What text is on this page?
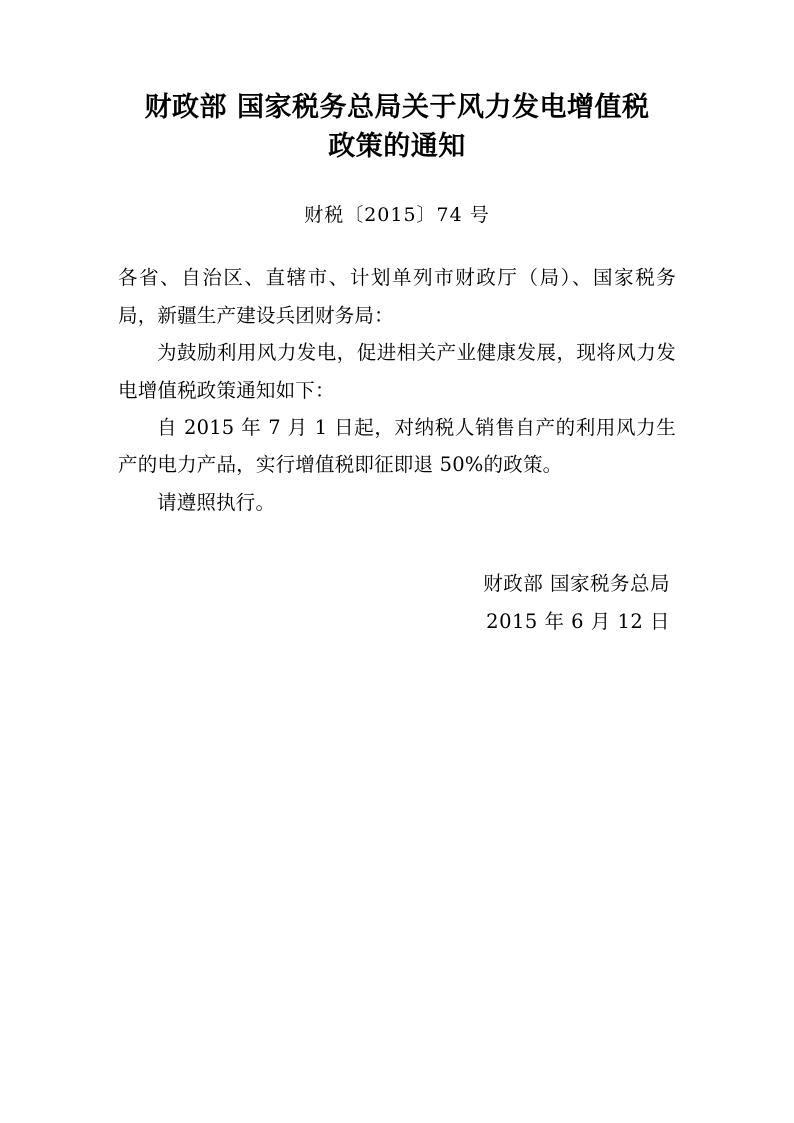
财政部 国家税务总局关于风力发电增值税
政策的通知
财税〔2015〕74 号

各省、自治区、直辖市、计划单列市财政厅（局）、国家税务局，新疆生产建设兵团财务局：

为鼓励利用风力发电，促进相关产业健康发展，现将风力发电增值税政策通知如下：

自 2015 年 7 月 1 日起，对纳税人销售自产的利用风力生产的电力产品，实行增值税即征即退 50%的政策。

请遵照执行。

财政部 国家税务总局
2015 年 6 月 12 日
